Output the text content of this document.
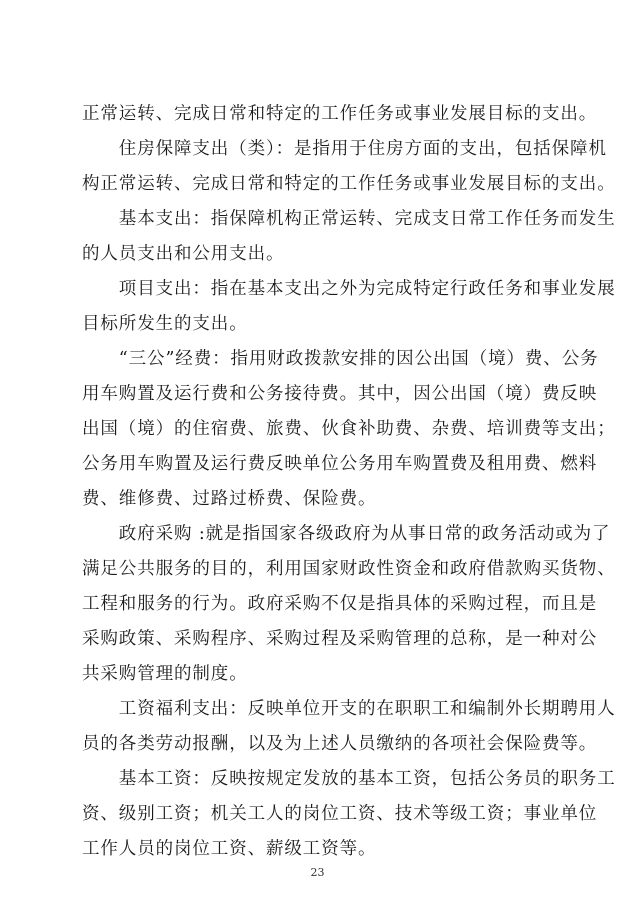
正常运转、完成日常和特定的工作任务或事业发展目标的支出。
　　住房保障支出（类）：是指用于住房方面的支出，包括保障机
构正常运转、完成日常和特定的工作任务或事业发展目标的支出。
　　基本支出：指保障机构正常运转、完成支日常工作任务而发生
的人员支出和公用支出。
　　项目支出：指在基本支出之外为完成特定行政任务和事业发展
目标所发生的支出。
　　“三公”经费：指用财政拨款安排的因公出国（境）费、公务
用车购置及运行费和公务接待费。其中，因公出国（境）费反映
出国（境）的住宿费、旅费、伙食补助费、杂费、培训费等支出；
公务用车购置及运行费反映单位公务用车购置费及租用费、燃料
费、维修费、过路过桥费、保险费。
　　政府采购 :就是指国家各级政府为从事日常的政务活动或为了
满足公共服务的目的，利用国家财政性资金和政府借款购买货物、
工程和服务的行为。政府采购不仅是指具体的采购过程，而且是
采购政策、采购程序、采购过程及采购管理的总称，是一种对公
共采购管理的制度。
　　工资福利支出：反映单位开支的在职职工和编制外长期聘用人
员的各类劳动报酬，以及为上述人员缴纳的各项社会保险费等。
　　基本工资：反映按规定发放的基本工资，包括公务员的职务工
资、级别工资；机关工人的岗位工资、技术等级工资；事业单位
工作人员的岗位工资、薪级工资等。
23
